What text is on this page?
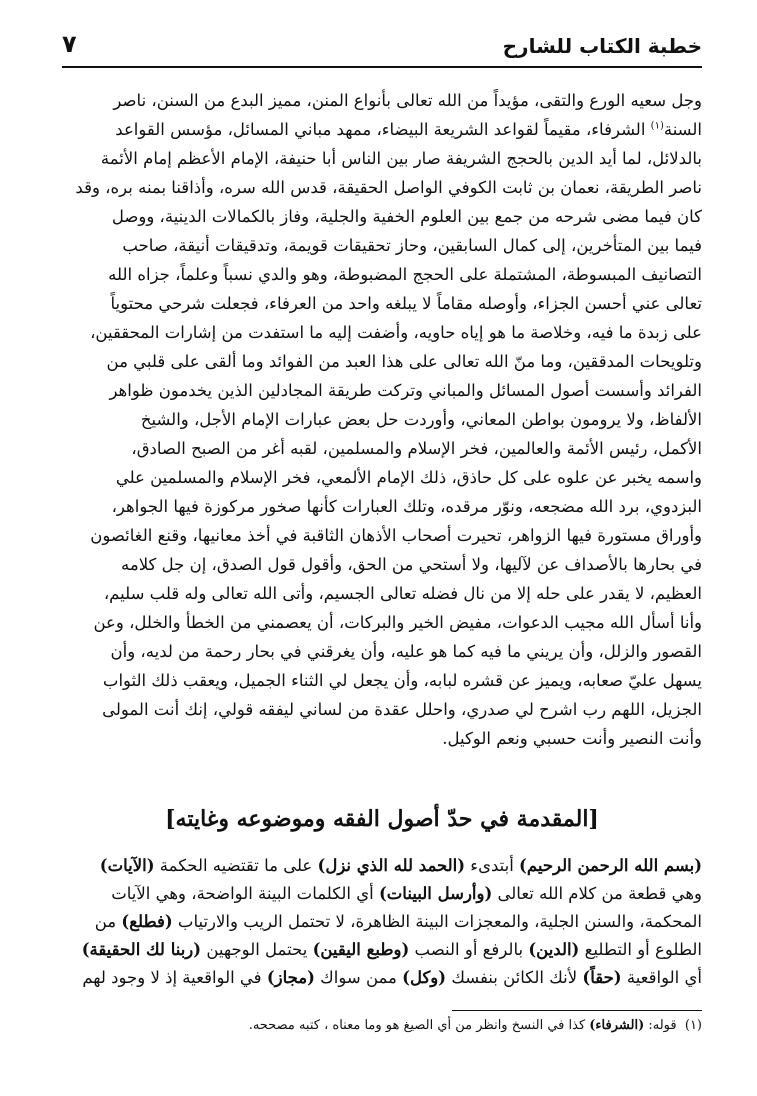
خطبة الكتاب للشارح
٧
وجل سعيه الورع والتقى، مؤيداً من الله تعالى بأنواع المنن، مميز البدع من السنن، ناصر
السنة$^{(١)}$ الشرفاء، مقيماً لقواعد الشريعة البيضاء، ممهد مباني المسائل، مؤسس القواعد
بالدلائل، لما أيد الدين بالحجج الشريفة صار بين الناس أبا حنيفة، الإمام الأعظم إمام الأئمة
ناصر الطريقة، نعمان بن ثابت الكوفي الواصل الحقيقة، قدس الله سره، وأذاقنا بمنه بره، وقد
كان فيما مضى شرحه من جمع بين العلوم الخفية والجلية، وفاز بالكمالات الدينية، ووصل
فيما بين المتأخرين، إلى كمال السابقين، وحاز تحقيقات قويمة، وتدقيقات أنيقة، صاحب
التصانيف المبسوطة، المشتملة على الحجج المضبوطة، وهو والدي نسباً وعلماً، جزاه الله
تعالى عني أحسن الجزاء، وأوصله مقاماً لا يبلغه واحد من العرفاء، فجعلت شرحي محتوياً
على زبدة ما فيه، وخلاصة ما هو إياه حاويه، وأضفت إليه ما استفدت من إشارات المحققين،
وتلويحات المدققين، وما منّ الله تعالى على هذا العبد من الفوائد وما ألقى على قلبي من
الفرائد وأسست أصول المسائل والمباني وتركت طريقة المجادلين الذين يخدمون ظواهر
الألفاظ، ولا يرومون بواطن المعاني، وأوردت حل بعض عبارات الإمام الأجل، والشيخ
الأكمل، رئيس الأئمة والعالمين، فخر الإسلام والمسلمين، لقبه أغر من الصبح الصادق،
واسمه يخبر عن علوه على كل حاذق، ذلك الإمام الألمعي، فخر الإسلام والمسلمين علي
البزدوي، برد الله مضجعه، ونوّر مرقده، وتلك العبارات كأنها صخور مركوزة فيها الجواهر،
وأوراق مستورة فيها الزواهر، تحيرت أصحاب الأذهان الثاقبة في أخذ معانيها، وقنع الغائصون
في بحارها بالأصداف عن لآليها، ولا أستحي من الحق، وأقول قول الصدق، إن جل كلامه
العظيم، لا يقدر على حله إلا من نال فضله تعالى الجسيم، وأتى الله تعالى وله قلب سليم،
وأنا أسأل الله مجيب الدعوات، مفيض الخير والبركات، أن يعصمني من الخطأ والخلل، وعن
القصور والزلل، وأن يريني ما فيه كما هو عليه، وأن يغرقني في بحار رحمة من لديه، وأن
يسهل عليّ صعابه، ويميز عن قشره لبابه، وأن يجعل لي الثناء الجميل، ويعقب ذلك الثواب
الجزيل، اللهم رب اشرح لي صدري، واحلل عقدة من لساني ليفقه قولي، إنك أنت المولى
وأنت النصير وأنت حسبي ونعم الوكيل.
[المقدمة في حدّ أصول الفقه وموضوعه وغايته]
(بسم الله الرحمن الرحيم) أبتدىء (الحمد لله الذي نزل) على ما تقتضيه الحكمة (الآيات)
وهي قطعة من كلام الله تعالى (وأرسل البينات) أي الكلمات البينة الواضحة، وهي الآيات
المحكمة، والسنن الجلية، والمعجزات البينة الظاهرة، لا تحتمل الريب والارتياب (فطلع) من
الطلوع أو التطليع (الدين) بالرفع أو النصب (وطبع اليقين) يحتمل الوجهين (ربنا لك الحقيقة)
أي الواقعية (حقاً) لأنك الكائن بنفسك (وكل) ممن سواك (مجاز) في الواقعية إذ لا وجود لهم
(١)  قوله: (الشرفاء) كذا في النسخ وانظر من أي الصيغ هو وما معناه ، كتبه مصححه.
